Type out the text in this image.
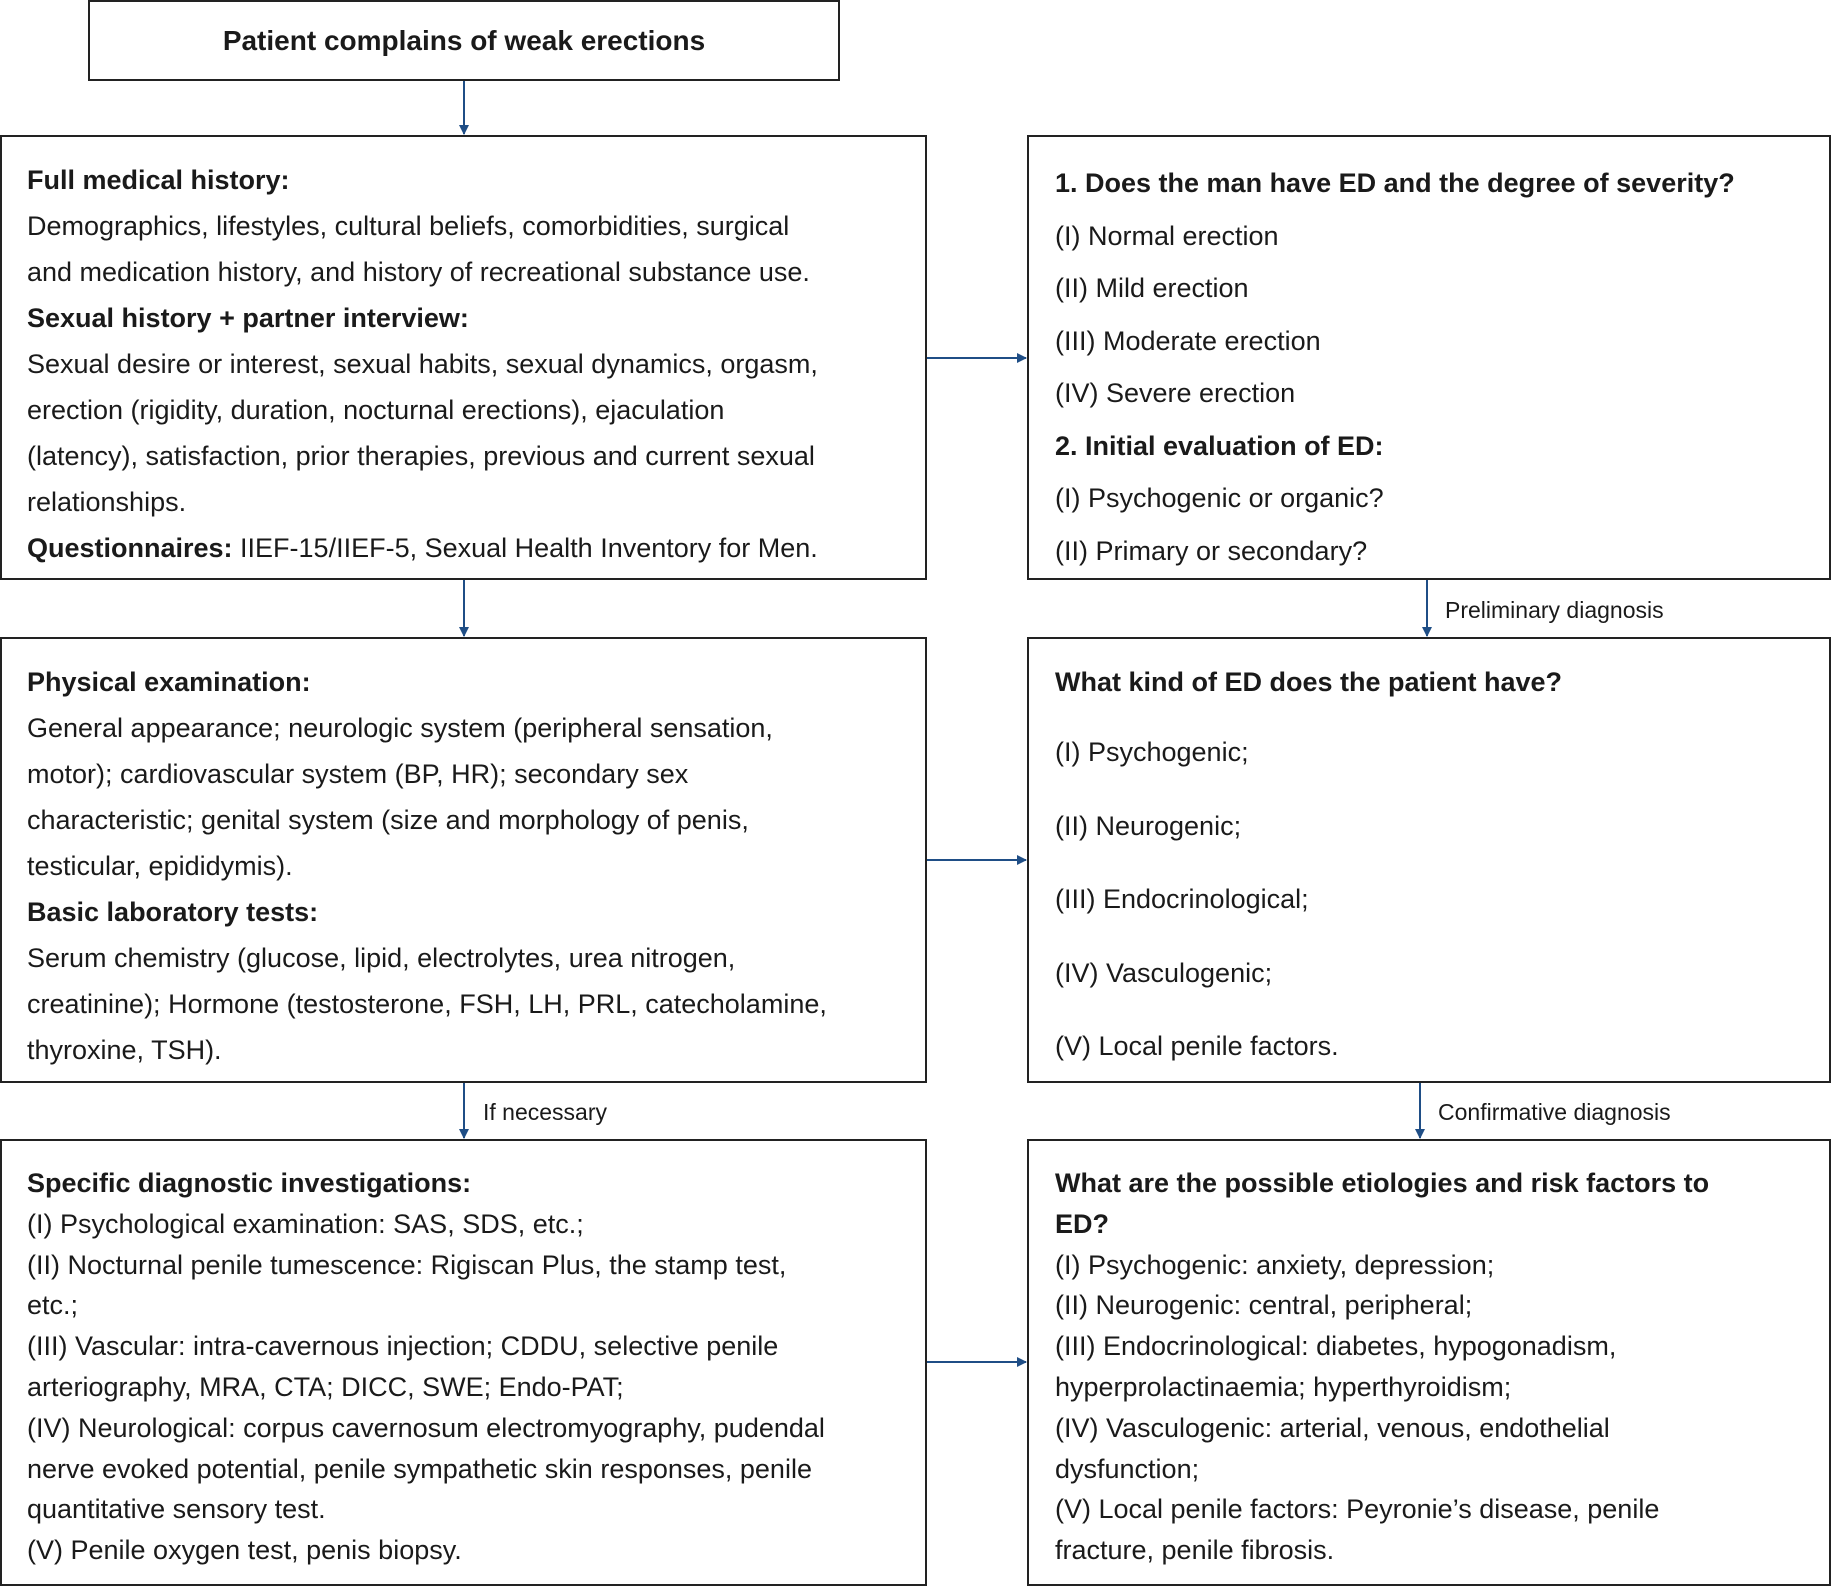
Preliminary diagnosis
If necessary	Confirmative diagnosis
Patient complains of weak erections
Full medical history:
Demographics, lifestyles, cultural beliefs, comorbidities, surgical
and medication history, and history of recreational substance use.
Sexual history + partner interview:
Sexual desire or interest, sexual habits, sexual dynamics, orgasm,
erection (rigidity, duration, nocturnal erections), ejaculation
(latency), satisfaction, prior therapies, previous and current sexual
relationships.
Questionnaires: IIEF-15/IIEF-5, Sexual Health Inventory for Men.
1. Does the man have ED and the degree of severity?
(I) Normal erection
(II) Mild erection
(III) Moderate erection
(IV) Severe erection
2. Initial evaluation of ED:
(I) Psychogenic or organic?
(II) Primary or secondary?
Physical examination:
General appearance; neurologic system (peripheral sensation,
motor); cardiovascular system (BP, HR); secondary sex
characteristic; genital system (size and morphology of penis,
testicular, epididymis).
Basic laboratory tests:
Serum chemistry (glucose, lipid, electrolytes, urea nitrogen,
creatinine); Hormone (testosterone, FSH, LH, PRL, catecholamine,
thyroxine, TSH).
What kind of ED does the patient have?
(I) Psychogenic;
(II) Neurogenic;
(III) Endocrinological;
(IV) Vasculogenic;
(V) Local penile factors.
Specific diagnostic investigations:
(I) Psychological examination: SAS, SDS, etc.;
(II) Nocturnal penile tumescence: Rigiscan Plus, the stamp test,
etc.;
(III) Vascular: intra-cavernous injection; CDDU, selective penile
arteriography, MRA, CTA; DICC, SWE; Endo-PAT;
(IV) Neurological: corpus cavernosum electromyography, pudendal
nerve evoked potential, penile sympathetic skin responses, penile
quantitative sensory test.
(V) Penile oxygen test, penis biopsy.
What are the possible etiologies and risk factors to
ED?
(I) Psychogenic: anxiety, depression;
(II) Neurogenic: central, peripheral;
(III) Endocrinological: diabetes, hypogonadism,
hyperprolactinaemia; hyperthyroidism;
(IV) Vasculogenic: arterial, venous, endothelial
dysfunction;
(V) Local penile factors: Peyronie’s disease, penile
fracture, penile fibrosis.
